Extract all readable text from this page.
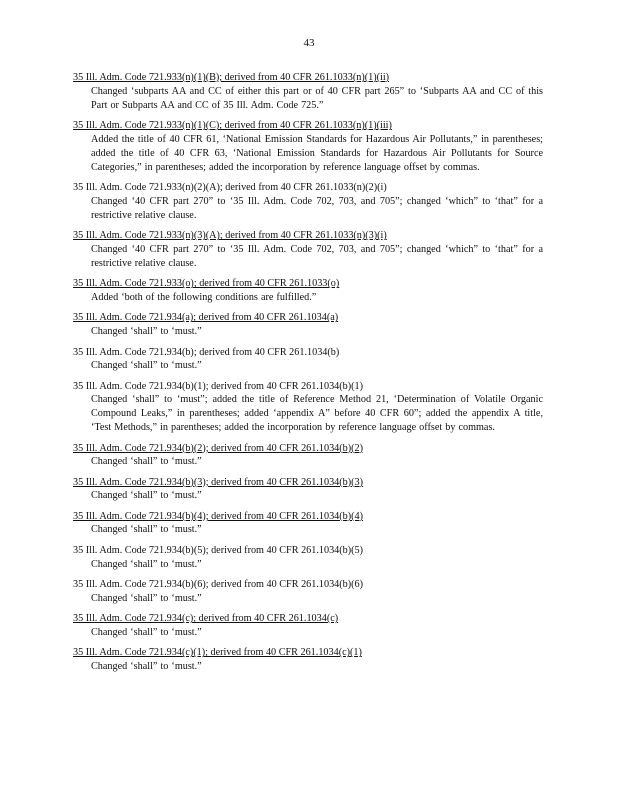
43
35 Ill. Adm. Code 721.933(n)(1)(B); derived from 40 CFR 261.1033(n)(1)(ii)
Changed ‘subparts AA and CC of either this part or of 40 CFR part 265” to ‘Subparts AA and CC of this Part or Subparts AA and CC of 35 Ill. Adm. Code 725.”
35 Ill. Adm. Code 721.933(n)(1)(C); derived from 40 CFR 261.1033(n)(1)(iii)
Added the title of 40 CFR 61, ‘National Emission Standards for Hazardous Air Pollutants,” in parentheses; added the title of 40 CFR 63, ‘National Emission Standards for Hazardous Air Pollutants for Source Categories,” in parentheses; added the incorporation by reference language offset by commas.
35 Ill. Adm. Code 721.933(n)(2)(A); derived from 40 CFR 261.1033(n)(2)(i)
Changed ‘40 CFR part 270” to ‘35 Ill. Adm. Code 702, 703, and 705”; changed ‘which” to ‘that” for a restrictive relative clause.
35 Ill. Adm. Code 721.933(n)(3)(A); derived from 40 CFR 261.1033(n)(3)(i)
Changed ‘40 CFR part 270” to ‘35 Ill. Adm. Code 702, 703, and 705”; changed ‘which” to ‘that” for a restrictive relative clause.
35 Ill. Adm. Code 721.933(o); derived from 40 CFR 261.1033(o)
Added ‘both of the following conditions are fulfilled.”
35 Ill. Adm. Code 721.934(a); derived from 40 CFR 261.1034(a)
Changed ‘shall” to ‘must.”
35 Ill. Adm. Code 721.934(b); derived from 40 CFR 261.1034(b)
Changed ‘shall” to ‘must.”
35 Ill. Adm. Code 721.934(b)(1); derived from 40 CFR 261.1034(b)(1)
Changed ‘shall” to ‘must”; added the title of Reference Method 21, ‘Determination of Volatile Organic Compound Leaks,” in parentheses; added ‘appendix A” before 40 CFR 60”; added the appendix A title, ‘Test Methods,” in parentheses; added the incorporation by reference language offset by commas.
35 Ill. Adm. Code 721.934(b)(2); derived from 40 CFR 261.1034(b)(2)
Changed ‘shall” to ‘must.”
35 Ill. Adm. Code 721.934(b)(3); derived from 40 CFR 261.1034(b)(3)
Changed ‘shall” to ‘must.”
35 Ill. Adm. Code 721.934(b)(4); derived from 40 CFR 261.1034(b)(4)
Changed ‘shall” to ‘must.”
35 Ill. Adm. Code 721.934(b)(5); derived from 40 CFR 261.1034(b)(5)
Changed ‘shall” to ‘must.”
35 Ill. Adm. Code 721.934(b)(6); derived from 40 CFR 261.1034(b)(6)
Changed ‘shall” to ‘must.”
35 Ill. Adm. Code 721.934(c); derived from 40 CFR 261.1034(c)
Changed ‘shall” to ‘must.”
35 Ill. Adm. Code 721.934(c)(1); derived from 40 CFR 261.1034(c)(1)
Changed ‘shall” to ‘must.”
